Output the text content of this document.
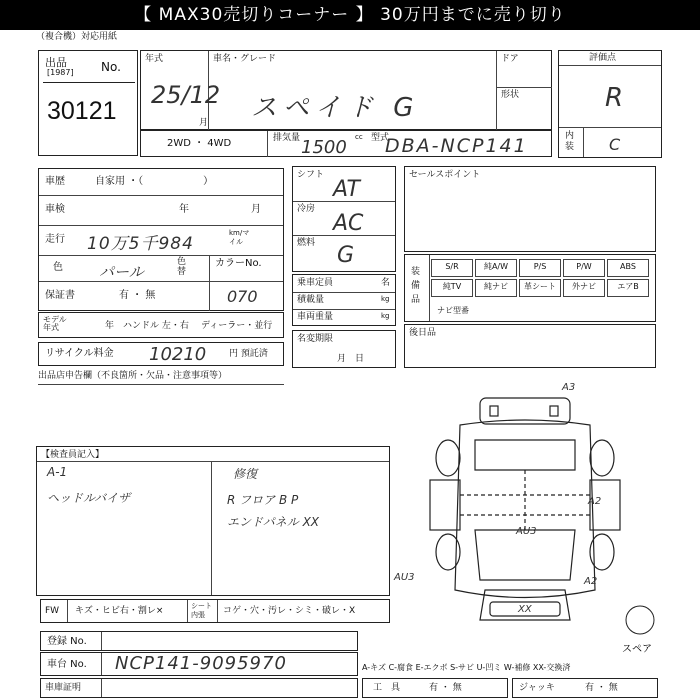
【 MAX30売切りコーナー 】 30万円までに売り切り
（複合機）対応用紙
出品
[1987] No.
30121
年式
25/12
月
車名・グレード
スペイド G
ドア
形状
2WD ・ 4WD	排気量	cc
1500	型式
DBA-NCP141
評価点
R
内装 C
車歴	自家用 ・（　　　　　　）
車検	年	月
走行 10万5千984
km/マイル
色 パール
色替
カラーNo.
070
保証書	有 ・ 無
モデル年式	年 ハンドル 左・右 ディーラー・並行
リサイクル料金 10210	円 預託済
シフト
AT
冷房
AC
燃料 G
乗車定員	名
積載量	kg
車両重量	kg
名変期限
月　日
セールスポイント
装備品
S/R	純A/W	P/S	P/W	ABS
純TV	純ナビ	革シート	外ナビ	エアB
ナビ型番
後日品
出品店申告欄（不良箇所・欠品・注意事項等）
【検査員記入】
A-1
ヘッドルバイザ
修復
R フロア B P
エンドパネル XX
FW キズ・ヒビ右・割レ×	シート内張	コゲ・穴・汚レ・シミ・破レ・X
登録 No.
車台 No. NCP141-9095970
車庫証明
A-キズ C-腐食 E-エクボ S-サビ U-凹ミ W-補修 XX-交換済
工　具	有 ・ 無	ジャッキ	有 ・ 無
A3
A2
AU3
AU3	A2
XX
スペア
